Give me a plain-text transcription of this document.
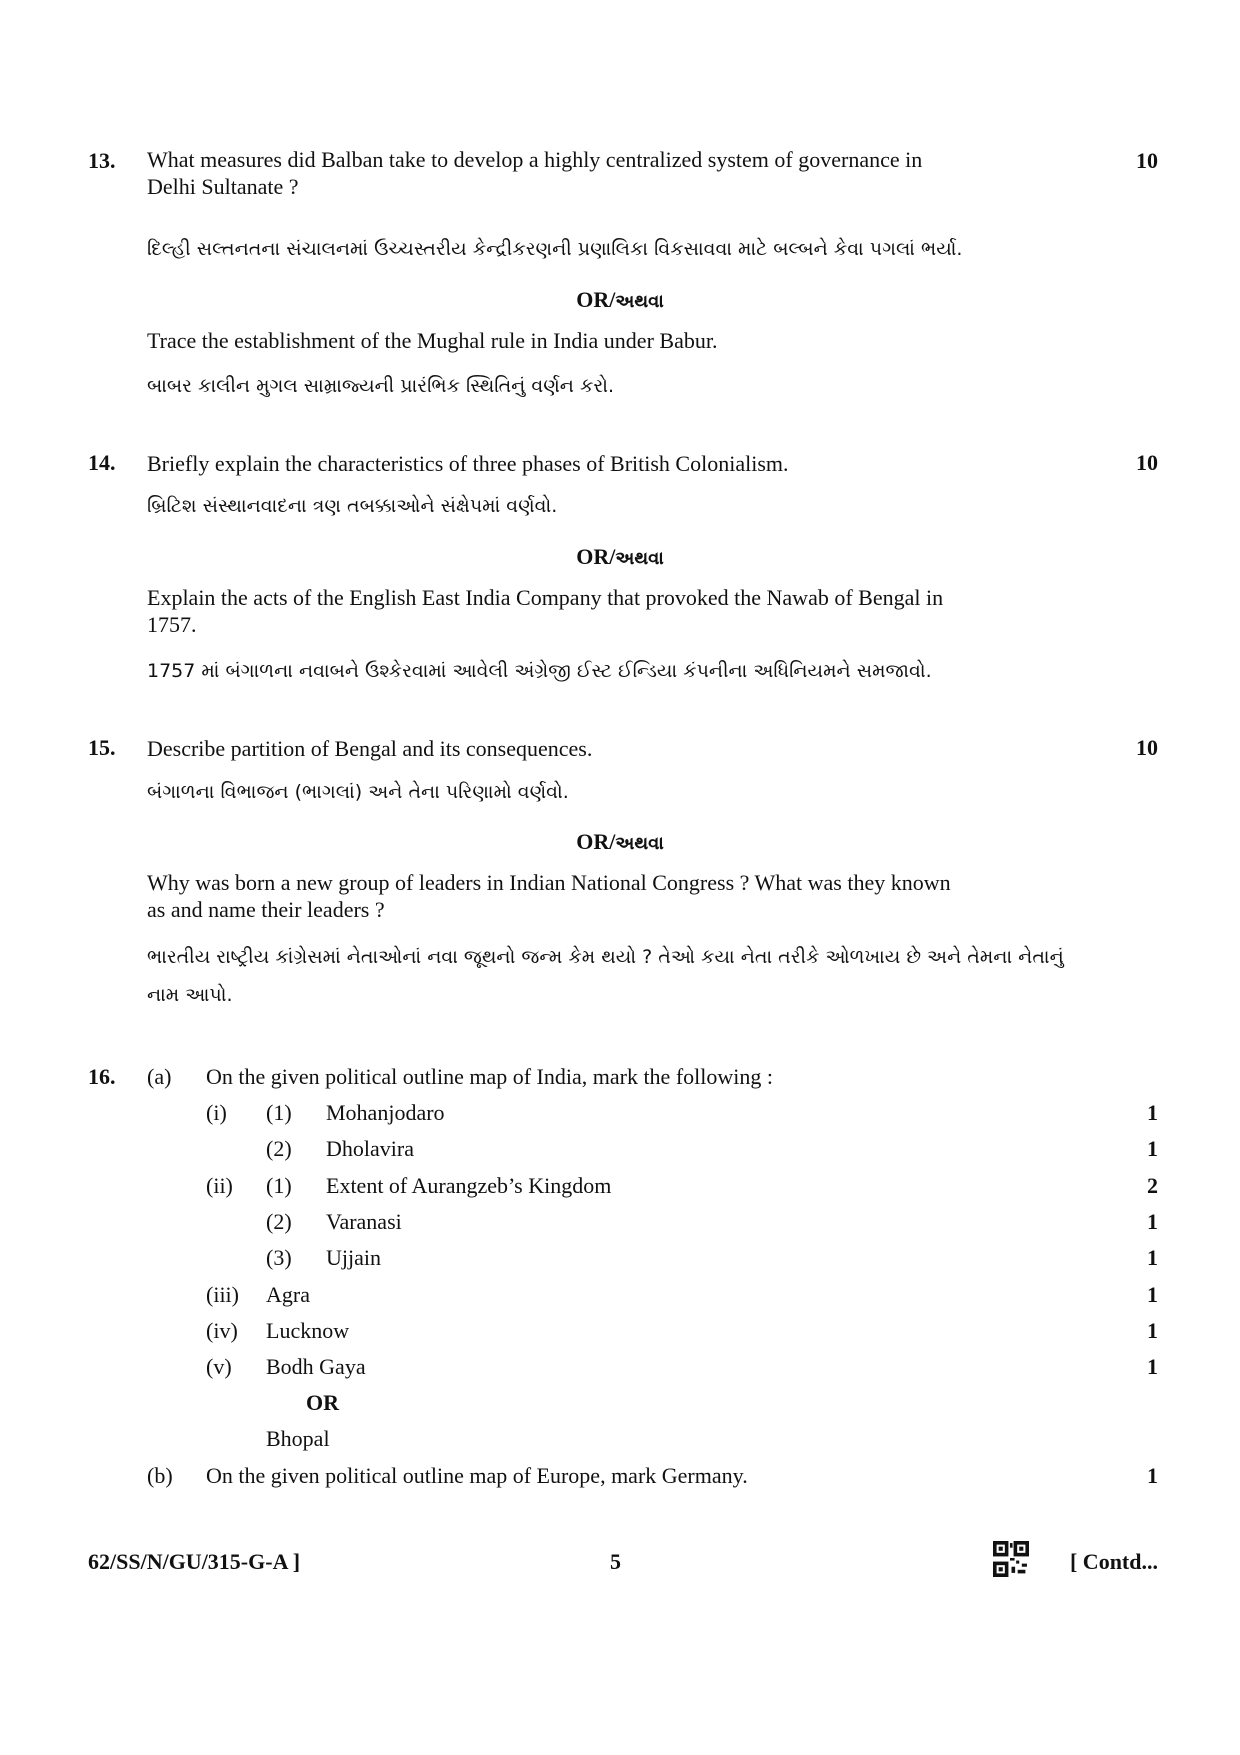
13. What measures did Balban take to develop a highly centralized system of governance in
Delhi Sultanate ?
દિલ્હી સલ્તનતના સંચાલનમાં ઉચ્ચસ્તરીય કેન્દ્રીકરણની પ્રણાલિકા વિકસાવવા માટે બલ્બને કેવા પગલાં ભર્યા.
10
OR/અથવા
Trace the establishment of the Mughal rule in India under Babur.
બાબર કાલીન મુગલ સામ્રાજ્યની પ્રારંભિક સ્થિતિનું વર્ણન કરો.
14. Briefly explain the characteristics of three phases of British Colonialism.
બ્રિટિશ સંસ્થાનવાદના ત્રણ તબક્કાઓને સંક્ષેપમાં વર્ણવો.
10
OR/અથવા
Explain the acts of the English East India Company that provoked the Nawab of Bengal in
1757.
1757 માં બંગાળના નવાબને ઉશ્કેરવામાં આવેલી અંગ્રેજી ઈસ્ટ ઈન્ડિયા કંપનીના અધિનિયમને સમજાવો.
15. Describe partition of Bengal and its consequences.
બંગાળના વિભાજન (ભાગલાં) અને તેના પરિણામો વર્ણવો.
10
OR/અથવા
Why was born a new group of leaders in Indian National Congress ? What was they known
as and name their leaders ?
ભારતીય રાષ્ટ્રીય કાંગ્રેસમાં નેતાઓનાં નવા જૂથનો જન્મ કેમ થયો ? તેઓ કયા નેતા તરીકે ઓળખાય છે અને તેમના નેતાનું
નામ આપો.
16. (a) On the given political outline map of India, mark the following :
(i) (1) Mohanjodaro	1
(2) Dholavira	1
(ii) (1) Extent of Aurangzeb’s Kingdom	2
(2) Varanasi	1
(3) Ujjain	1
(iii) Agra	1
(iv) Lucknow	1
(v) Bodh Gaya	1
OR
Bhopal
(b) On the given political outline map of Europe, mark Germany.	1
62/SS/N/GU/315-G-A ]	5	[ Contd...
